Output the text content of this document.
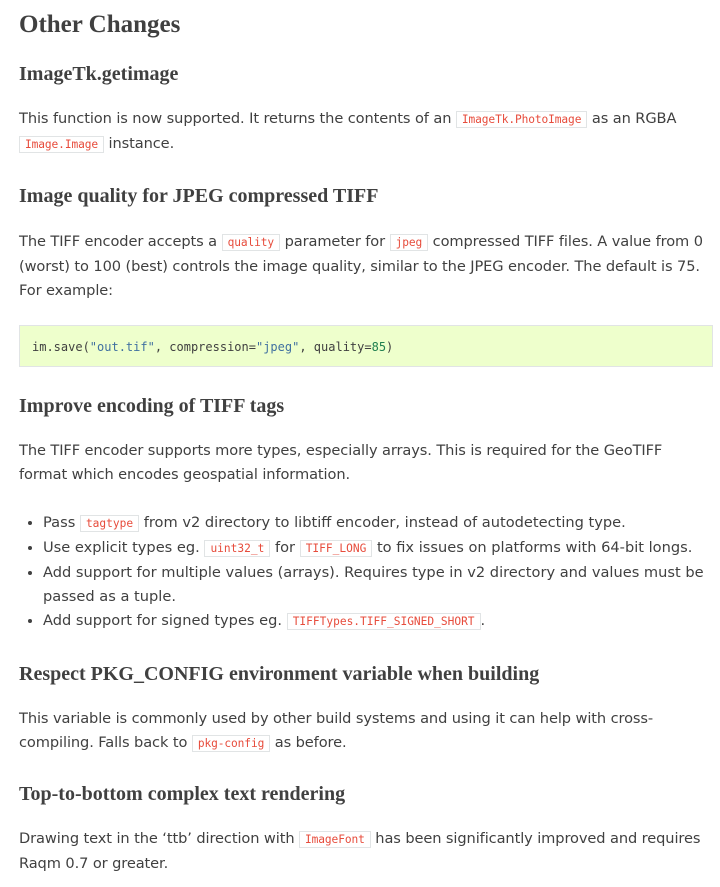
Other Changes
ImageTk.getimage

This function is now supported. It returns the contents of an ImageTk.PhotoImage as an RGBA
Image.Image instance.

Image quality for JPEG compressed TIFF

The TIFF encoder accepts a quality parameter for jpeg compressed TIFF files. A value from 0 (worst) to 100 (best) controls the image quality, similar to the JPEG encoder. The default is 75. For example:

im.save("out.tif", compression="jpeg", quality=85)
Improve encoding of TIFF tags

The TIFF encoder supports more types, especially arrays. This is required for the GeoTIFF format which encodes geospatial information.

• Pass tagtype from v2 directory to libtiff encoder, instead of autodetecting type.
• Use explicit types eg. uint32_t for TIFF_LONG to fix issues on platforms with 64-bit longs.
• Add support for multiple values (arrays). Requires type in v2 directory and values must be passed as a tuple.
• Add support for signed types eg. TIFFTypes.TIFF_SIGNED_SHORT .
Respect PKG_CONFIG environment variable when building

This variable is commonly used by other build systems and using it can help with cross-compiling. Falls back to pkg-config as before.

Top-to-bottom complex text rendering

Drawing text in the ‘ttb’ direction with ImageFont has been significantly improved and requires Raqm 0.7 or greater.
